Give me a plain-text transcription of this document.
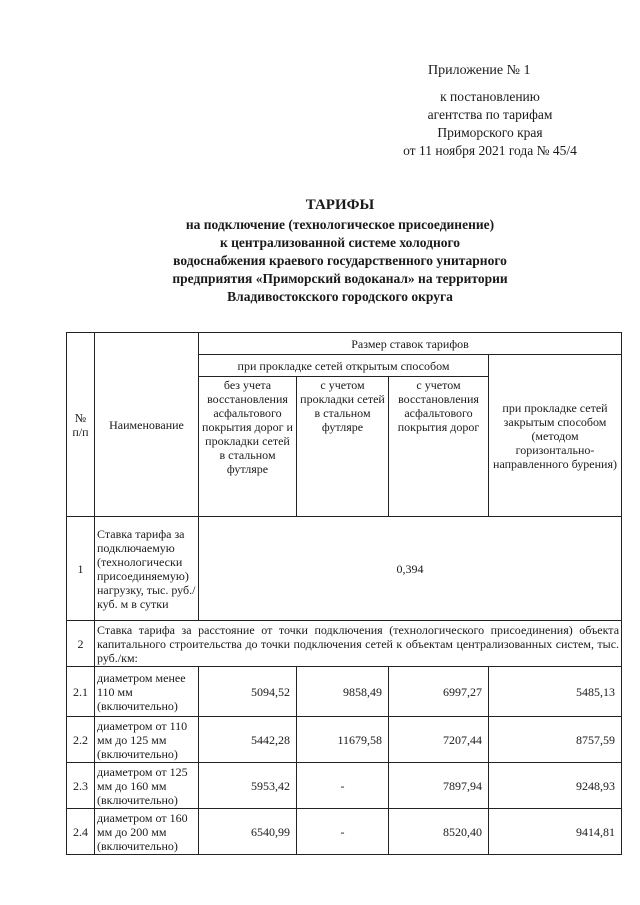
Приложение № 1
к постановлению
агентства по тарифам
Приморского края
от 11 ноября 2021 года № 45/4
ТАРИФЫ
на подключение (технологическое присоединение)
к централизованной системе холодного
водоснабжения краевого государственного унитарного
предприятия «Приморский водоканал» на территории
Владивостокского городского округа
№ п/п	Наименование	Размер ставок тарифов			
		при прокладке сетей открытым способом			при прокладке сетей закрытым способом (методом горизонтально-направленного бурения)
		без учета восстановления асфальтового покрытия дорог и прокладки сетей в стальном футляре	с учетом прокладки сетей в стальном футляре	с учетом восстановления асфальтового покрытия дорог	
1	Ставка тарифа за подключаемую (технологически присоединяемую) нагрузку, тыс. руб./куб. м в сутки	0,394			
2	Ставка тарифа за расстояние от точки подключения (технологического присоединения) объекта капитального строительства до точки подключения сетей к объектам централизованных систем, тыс. руб./км:				
2.1	диаметром менее 110 мм (включительно)	5094,52	9858,49	6997,27	5485,13
2.2	диаметром от 110 мм до 125 мм (включительно)	5442,28	11679,58	7207,44	8757,59
2.3	диаметром от 125 мм до 160 мм (включительно)	5953,42	-	7897,94	9248,93
2.4	диаметром от 160 мм до 200 мм (включительно)	6540,99	-	8520,40	9414,81
